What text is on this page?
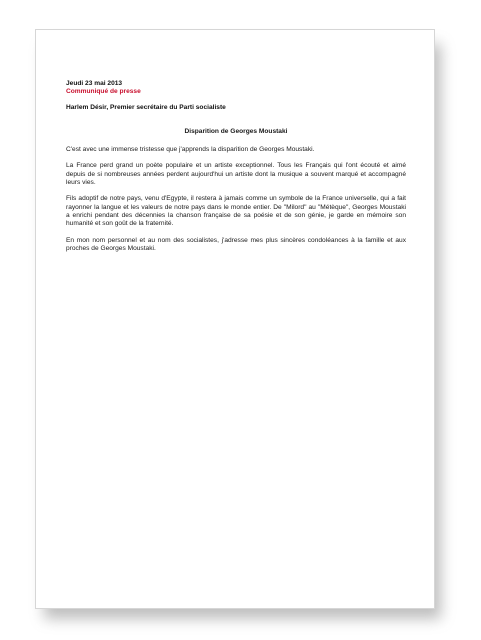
Jeudi 23 mai 2013

Communiqué de presse

Harlem Désir, Premier secrétaire du Parti socialiste

Disparition de Georges Moustaki

C'est avec une immense tristesse que j'apprends la disparition de Georges Moustaki.

La France perd grand un poète populaire et un artiste exceptionnel. Tous les Français qui l'ont écouté et aimé depuis de si nombreuses années perdent aujourd'hui un artiste dont la musique a souvent marqué et accompagné leurs vies.

Fils adoptif de notre pays, venu d'Egypte, il restera à jamais comme un symbole de la France universelle, qui a fait rayonner la langue et les valeurs de notre pays dans le monde entier. De "Milord" au "Métèque", Georges Moustaki a enrichi pendant des décennies la chanson française de sa poésie et de son génie, je garde en mémoire son humanité et son goût de la fraternité.

En mon nom personnel et au nom des socialistes, j'adresse mes plus sincères condoléances à la famille et aux proches de Georges Moustaki.
